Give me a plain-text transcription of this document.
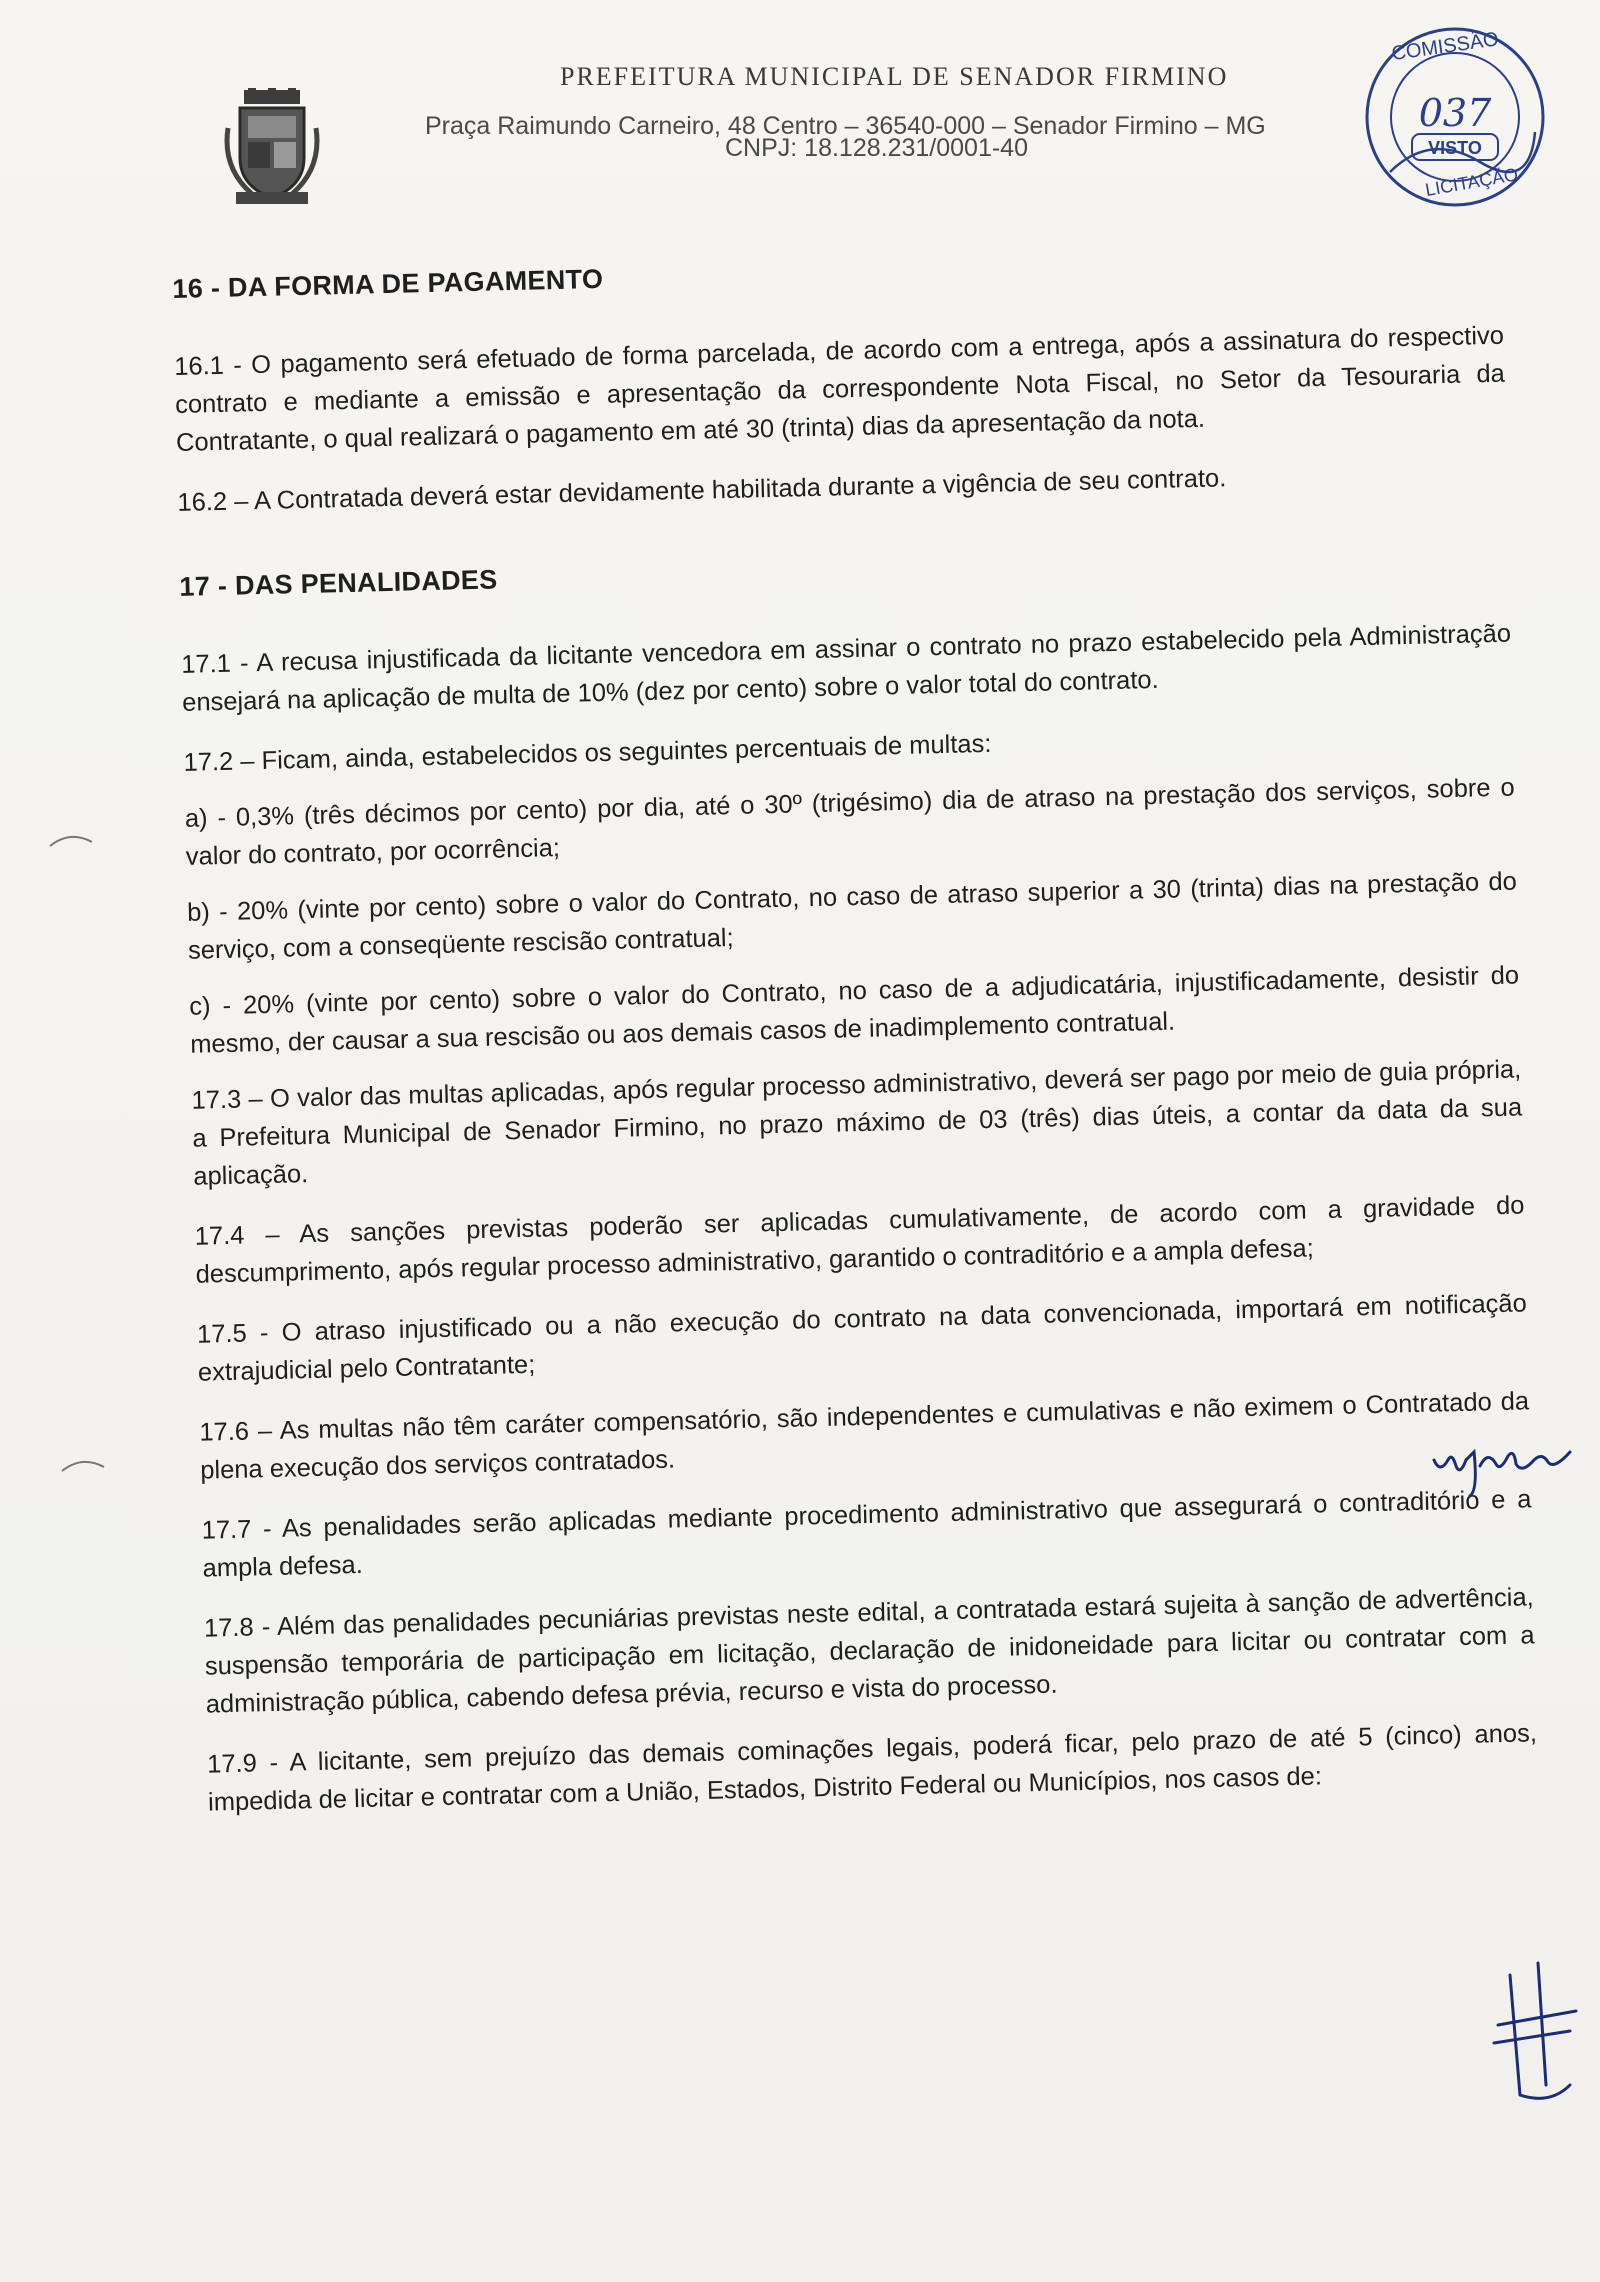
PREFEITURA MUNICIPAL DE SENADOR FIRMINO
Praça Raimundo Carneiro, 48 Centro – 36540-000 – Senador Firmino – MG
CNPJ: 18.128.231/0001-40
COMISSÃO
037
VISTO
LICITAÇÃO
16 - DA FORMA DE PAGAMENTO

16.1 - O pagamento será efetuado de forma parcelada, de acordo com a entrega, após a assinatura do respectivo contrato e mediante a emissão e apresentação da correspondente Nota Fiscal, no Setor da Tesouraria da Contratante, o qual realizará o pagamento em até 30 (trinta) dias da apresentação da nota.

16.2 – A Contratada deverá estar devidamente habilitada durante a vigência de seu contrato.

17 - DAS PENALIDADES

17.1 - A recusa injustificada da licitante vencedora em assinar o contrato no prazo estabelecido pela Administração ensejará na aplicação de multa de 10% (dez por cento) sobre o valor total do contrato.

17.2 – Ficam, ainda, estabelecidos os seguintes percentuais de multas:

a) - 0,3% (três décimos por cento) por dia, até o 30º (trigésimo) dia de atraso na prestação dos serviços, sobre o valor do contrato, por ocorrência;

b) - 20% (vinte por cento) sobre o valor do Contrato, no caso de atraso superior a 30 (trinta) dias na prestação do serviço, com a conseqüente rescisão contratual;

c) - 20% (vinte por cento) sobre o valor do Contrato, no caso de a adjudicatária, injustificadamente, desistir do mesmo, der causar a sua rescisão ou aos demais casos de inadimplemento contratual.

17.3 – O valor das multas aplicadas, após regular processo administrativo, deverá ser pago por meio de guia própria, a Prefeitura Municipal de Senador Firmino, no prazo máximo de 03 (três) dias úteis, a contar da data da sua aplicação.

17.4 – As sanções previstas poderão ser aplicadas cumulativamente, de acordo com a gravidade do descumprimento, após regular processo administrativo, garantido o contraditório e a ampla defesa;

17.5 - O atraso injustificado ou a não execução do contrato na data convencionada, importará em notificação extrajudicial pelo Contratante;

17.6 – As multas não têm caráter compensatório, são independentes e cumulativas e não eximem o Contratado da plena execução dos serviços contratados.

17.7 - As penalidades serão aplicadas mediante procedimento administrativo que assegurará o contraditório e a ampla defesa.

17.8 - Além das penalidades pecuniárias previstas neste edital, a contratada estará sujeita à sanção de advertência, suspensão temporária de participação em licitação, declaração de inidoneidade para licitar ou contratar com a administração pública, cabendo defesa prévia, recurso e vista do processo.

17.9 - A licitante, sem prejuízo das demais cominações legais, poderá ficar, pelo prazo de até 5 (cinco) anos, impedida de licitar e contratar com a União, Estados, Distrito Federal ou Municípios, nos casos de:
